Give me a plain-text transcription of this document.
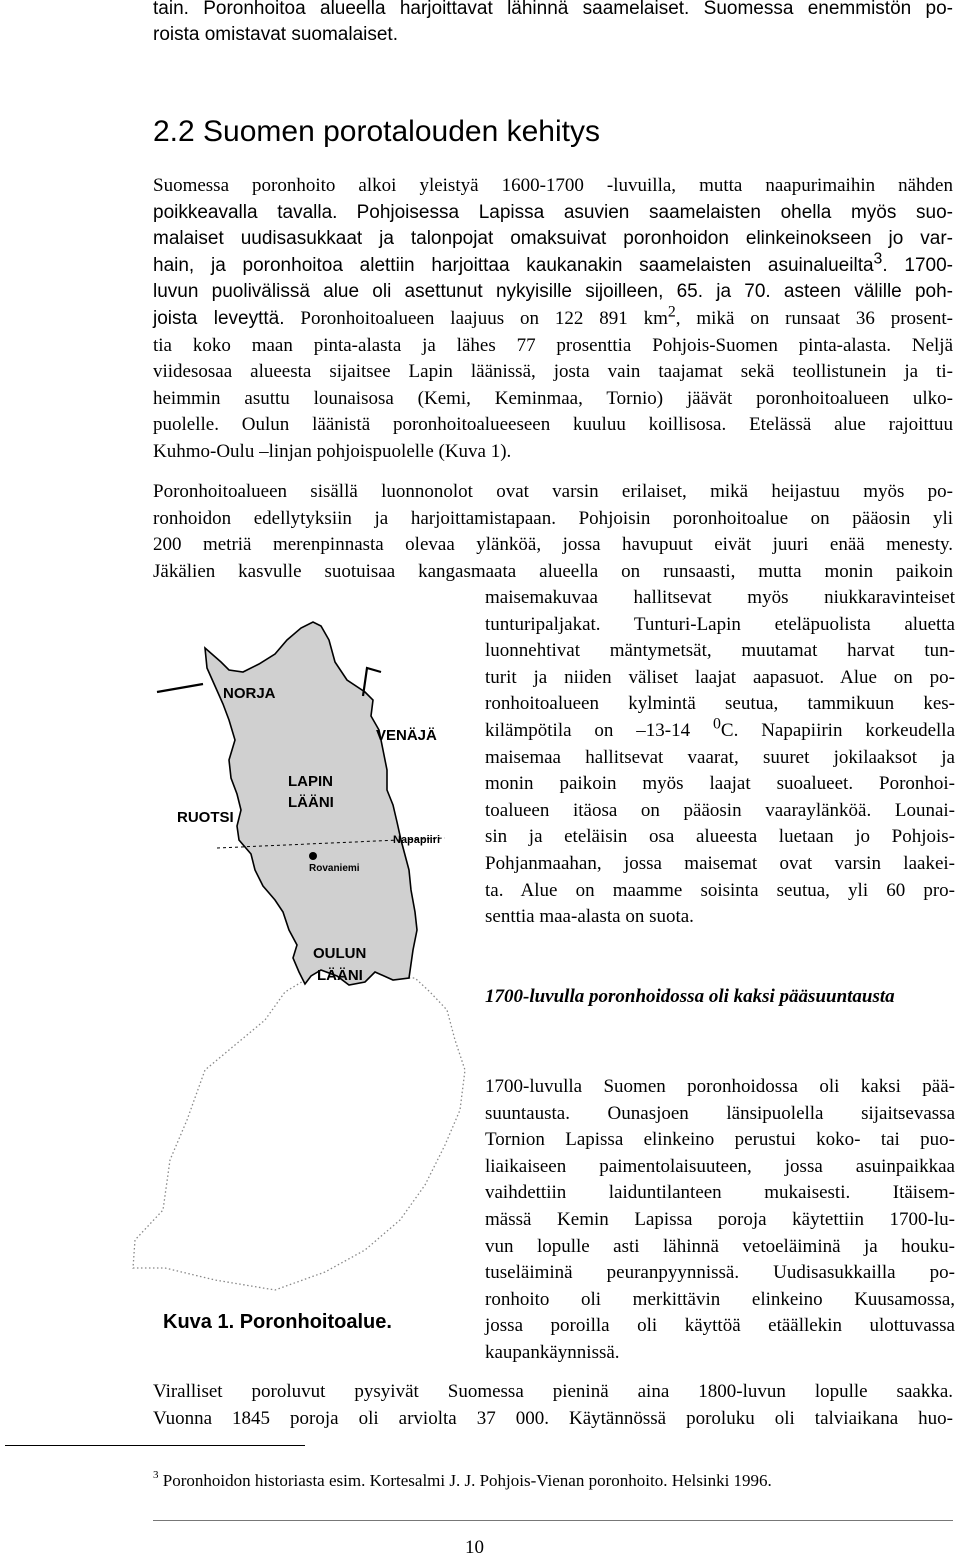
tain. Poronhoitoa alueella harjoittavat lähinnä saamelaiset. Suomessa enemmistön po-
roista omistavat suomalaiset.
2.2 Suomen porotalouden kehitys
Suomessa poronhoito alkoi yleistyä 1600-1700 -luvuilla, mutta naapurimaihin nähden
poikkeavalla tavalla. Pohjoisessa Lapissa asuvien saamelaisten ohella myös suo-
malaiset uudisasukkaat ja talonpojat omaksuivat poronhoidon elinkeinokseen jo var-
hain, ja poronhoitoa alettiin harjoittaa kaukanakin saamelaisten asuinalueilta$^3$. 1700-
luvun puolivälissä alue oli asettunut nykyisille sijoilleen, 65. ja 70. asteen välille poh-
joista leveyttä. Poronhoitoalueen laajuus on 122 891 $km^2$, mikä on runsaat 36 prosent-
tia koko maan pinta-alasta ja lähes 77 prosenttia Pohjois-Suomen pinta-alasta. Neljä
viidesosaa alueesta sijaitsee Lapin läänissä, josta vain taajamat sekä teollistunein ja ti-
heimmin asuttu lounaisosa (Kemi, Keminmaa, Tornio) jäävät poronhoitoalueen ulko-
puolelle. Oulun läänistä poronhoitoalueeseen kuuluu koillisosa. Etelässä alue rajoittuu
Kuhmo-Oulu –linjan pohjoispuolelle (Kuva 1).
Poronhoitoalueen sisällä luonnonolot ovat varsin erilaiset, mikä heijastuu myös po-
ronhoidon edellytyksiin ja harjoittamistapaan. Pohjoisin poronhoitoalue on pääosin yli
200 metriä merenpinnasta olevaa ylänköä, jossa havupuut eivät juuri enää menesty.
Jäkälien kasvulle suotuisaa kangasmaata alueella on runsaasti, mutta monin paikoin
maisemakuvaa hallitsevat myös niukkaravinteiset
tunturipaljakat. Tunturi-Lapin eteläpuolista aluetta
luonnehtivat mäntymetsät, muutamat harvat tun-
turit ja niiden väliset laajat aapasuot. Alue on po-
ronhoitoalueen kylmintä seutua, tammikuun kes-
kilämpötila on –13-14 $^0$C. Napapiirin korkeudella
maisemaa hallitsevat vaarat, suuret jokilaaksot ja
monin paikoin myös laajat suoalueet. Poronhoi-
toalueen itäosa on pääosin vaaraylänköä. Lounai-
sin ja eteläisin osa alueesta luetaan jo Pohjois-
Pohjanmaahan, jossa maisemat ovat varsin laakei-
ta. Alue on maamme soisinta seutua, yli 60 pro-
senttia maa-alasta on suota.
1700-luvulla poronhoidossa oli kaksi pääsuuntausta
1700-luvulla Suomen poronhoidossa oli kaksi pää-
suuntausta. Ounasjoen länsipuolella sijaitsevassa
Tornion Lapissa elinkeino perustui koko- tai puo-
liaikaiseen paimentolaisuuteen, jossa asuinpaikkaa
vaihdettiin laiduntilanteen mukaisesti. Itäisem-
mässä Kemin Lapissa poroja käytettiin 1700-lu-
vun lopulle asti lähinnä vetoeläiminä ja houku-
tuseläiminä peuranpyynnissä. Uudisasukkailla po-
ronhoito oli merkittävin elinkeino Kuusamossa,
jossa poroilla oli käyttöä etäällekin ulottuvassa
kaupankäynnissä.
Viralliset poroluvut pysyivät Suomessa pieninä aina 1800-luvun lopulle saakka.
Vuonna 1845 poroja oli arviolta 37 000. Käytännössä poroluku oli talviaikana huo-
$^3$ Poronhoidon historiasta esim. Kortesalmi J. J. Pohjois-Vienan poronhoito. Helsinki 1996.
10
NORJA
VENÄJÄ
RUOTSI
LAPIN
LÄÄNI
Napapiiri
Rovaniemi
OULUN
LÄÄNI
Kuva 1. Poronhoitoalue.
